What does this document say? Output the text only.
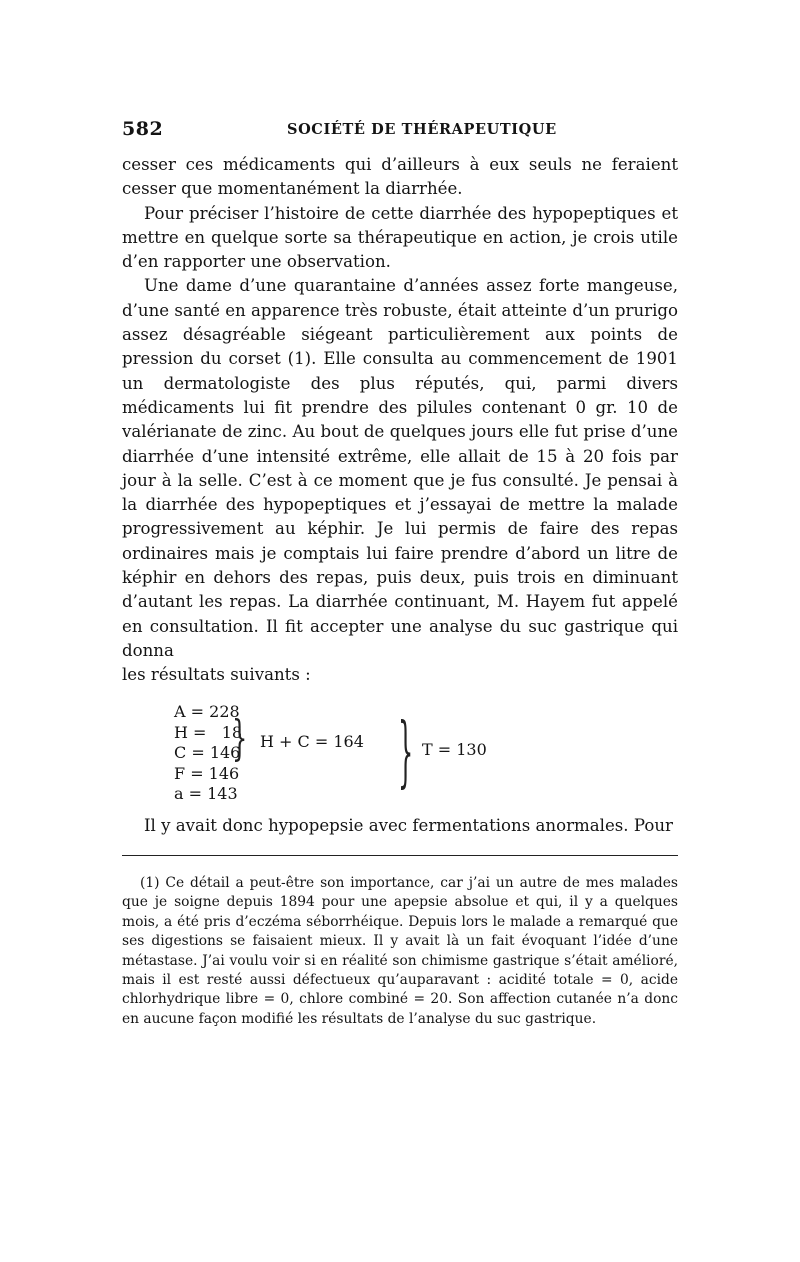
582	SOCIÉTÉ DE THÉRAPEUTIQUE

cesser ces médicaments qui d’ailleurs à eux seuls ne feraient cesser que momentanément la diarrhée.

Pour préciser l’histoire de cette diarrhée des hypopeptiques et mettre en quelque sorte sa thérapeutique en action, je crois utile d’en rapporter une observation.

Une dame d’une quarantaine d’années assez forte mangeuse, d’une santé en apparence très robuste, était atteinte d’un prurigo assez désagréable siégeant particulièrement aux points de pression du corset (1). Elle consulta au commencement de 1901 un dermatologiste des plus réputés, qui, parmi divers médicaments lui fit prendre des pilules contenant 0 gr. 10 de valérianate de zinc. Au bout de quelques jours elle fut prise d’une diarrhée d’une intensité extrême, elle allait de 15 à 20 fois par jour à la selle. C’est à ce moment que je fus consulté. Je pensai à la diarrhée des hypopeptiques et j’essayai de mettre la malade progressivement au képhir. Je lui permis de faire des repas ordinaires mais je comptais lui faire prendre d’abord un litre de képhir en dehors des repas, puis deux, puis trois en diminuant d’autant les repas. La diarrhée continuant, M. Hayem fut appelé en consultation. Il fit accepter une analyse du suc gastrique qui donna

les résultats suivants :

A = 228
H =   18
C = 146
F = 146
a = 143
} H + C = 164 } T = 130

Il y avait donc hypopepsie avec fermentations anormales. Pour

(1) Ce détail a peut-être son importance, car j’ai un autre de mes malades que je soigne depuis 1894 pour une apepsie absolue et qui, il y a quelques mois, a été pris d’eczéma séborrhéique. Depuis lors le malade a remarqué que ses digestions se faisaient mieux. Il y avait là un fait évoquant l’idée d’une métastase. J’ai voulu voir si en réalité son chimisme gastrique s’était amélioré, mais il est resté aussi défectueux qu’auparavant : acidité totale = 0, acide chlorhydrique libre = 0, chlore combiné = 20. Son affection cutanée n’a donc en aucune façon modifié les résultats de l’analyse du suc gastrique.
